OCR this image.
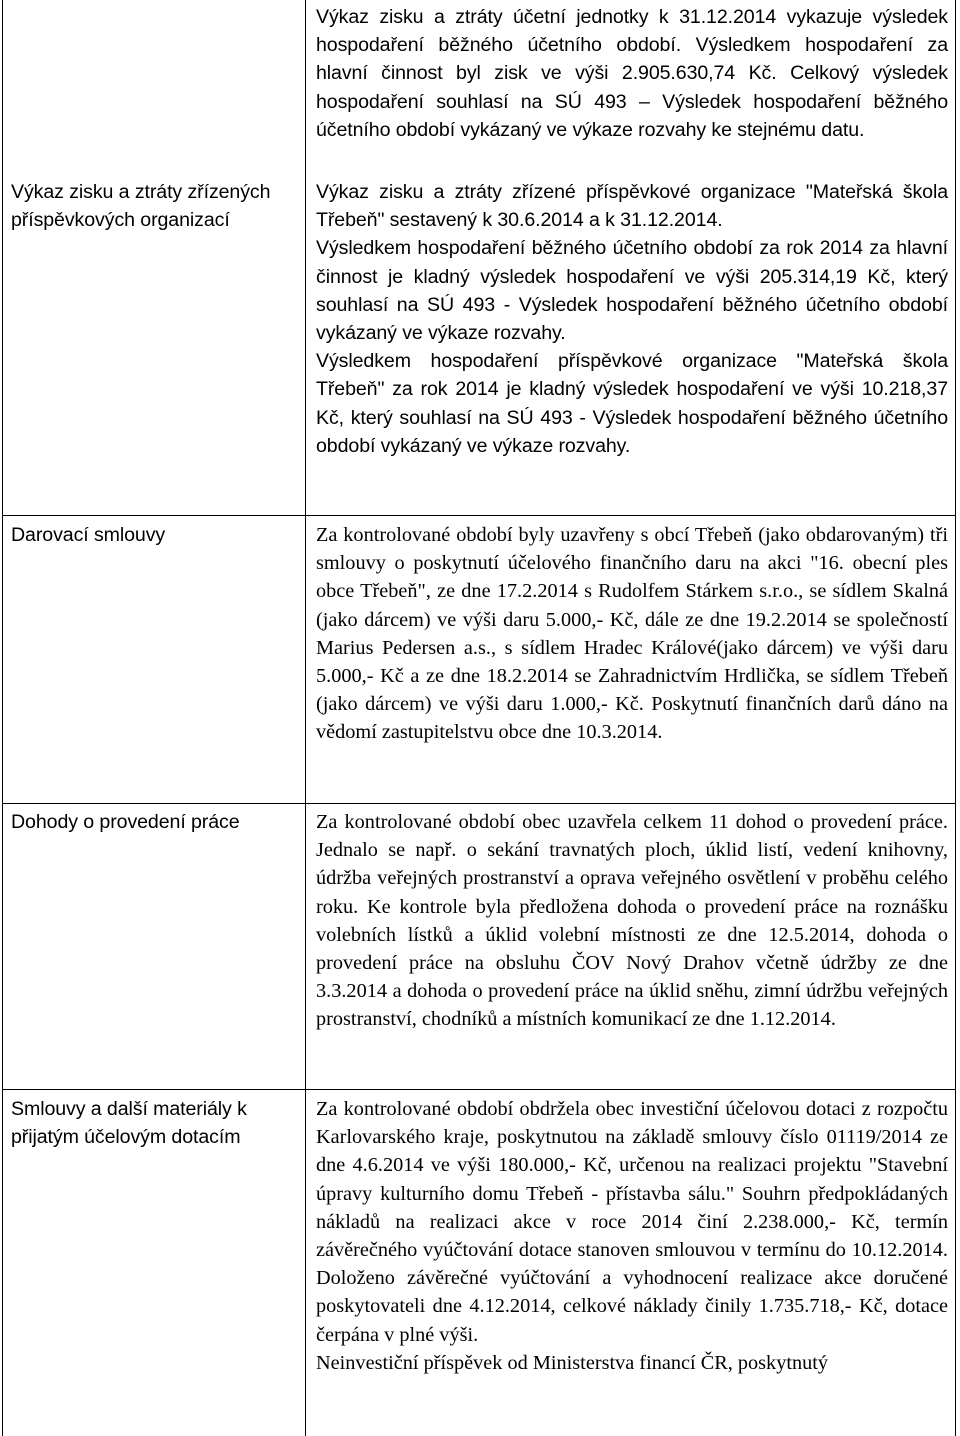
Výkaz zisku a ztráty účetní jednotky k 31.12.2014 vykazuje výsledek hospodaření běžného účetního období. Výsledkem hospodaření za hlavní činnost byl zisk ve výši 2.905.630,74 Kč. Celkový výsledek hospodaření souhlasí na SÚ 493 – Výsledek hospodaření běžného účetního období vykázaný ve výkaze rozvahy ke stejnému datu.

Výkaz zisku a ztráty zřízených příspěvkových organizací

Výkaz zisku a ztráty zřízené příspěvkové organizace "Mateřská škola Třebeň" sestavený k 30.6.2014 a k 31.12.2014.

Výsledkem hospodaření běžného účetního období za rok 2014 za hlavní činnost je kladný výsledek hospodaření ve výši 205.314,19 Kč, který souhlasí na SÚ 493 - Výsledek hospodaření běžného účetního období vykázaný ve výkaze rozvahy.

Výsledkem hospodaření příspěvkové organizace "Mateřská škola Třebeň" za rok 2014 je kladný výsledek hospodaření ve výši 10.218,37 Kč, který souhlasí na SÚ 493 - Výsledek hospodaření běžného účetního období vykázaný ve výkaze rozvahy.

Darovací smlouvy	Za kontrolované období byly uzavřeny s obcí Třebeň (jako obdarovaným) tři smlouvy o poskytnutí účelového finančního daru na akci "16. obecní ples obce Třebeň", ze dne 17.2.2014 s Rudolfem Stárkem s.r.o., se sídlem Skalná (jako dárcem) ve výši daru 5.000,- Kč, dále ze dne 19.2.2014 se společností Marius Pedersen a.s., s sídlem Hradec Králové(jako dárcem) ve výši daru 5.000,- Kč a ze dne 18.2.2014 se Zahradnictvím Hrdlička, se sídlem Třebeň (jako dárcem) ve výši daru 1.000,- Kč. Poskytnutí finančních darů dáno na vědomí zastupitelstvu obce dne 10.3.2014.

Dohody o provedení práce	Za kontrolované období obec uzavřela celkem 11 dohod o provedení práce. Jednalo se např. o sekání travnatých ploch, úklid listí, vedení knihovny, údržba veřejných prostranství a oprava veřejného osvětlení v proběhu celého roku. Ke kontrole byla předložena dohoda o provedení práce na roznášku volebních lístků a úklid volební místnosti ze dne 12.5.2014, dohoda o provedení práce na obsluhu ČOV Nový Drahov včetně údržby ze dne 3.3.2014 a dohoda o provedení práce na úklid sněhu, zimní údržbu veřejných prostranství, chodníků a místních komunikací ze dne 1.12.2014.

Smlouvy a další materiály k přijatým účelovým dotacím

Za kontrolované období obdržela obec investiční účelovou dotaci z rozpočtu Karlovarského kraje, poskytnutou na základě smlouvy číslo 01119/2014 ze dne 4.6.2014 ve výši 180.000,- Kč, určenou na realizaci projektu "Stavební úpravy kulturního domu Třebeň - přístavba sálu." Souhrn předpokládaných nákladů na realizaci akce v roce 2014 činí 2.238.000,- Kč, termín závěrečného vyúčtování dotace stanoven smlouvou v termínu do 10.12.2014. Doloženo závěrečné vyúčtování a vyhodnocení realizace akce doručené poskytovateli dne 4.12.2014, celkové náklady činily 1.735.718,- Kč, dotace čerpána v plné výši.

Neinvestiční příspěvek od Ministerstva financí ČR, poskytnutý
